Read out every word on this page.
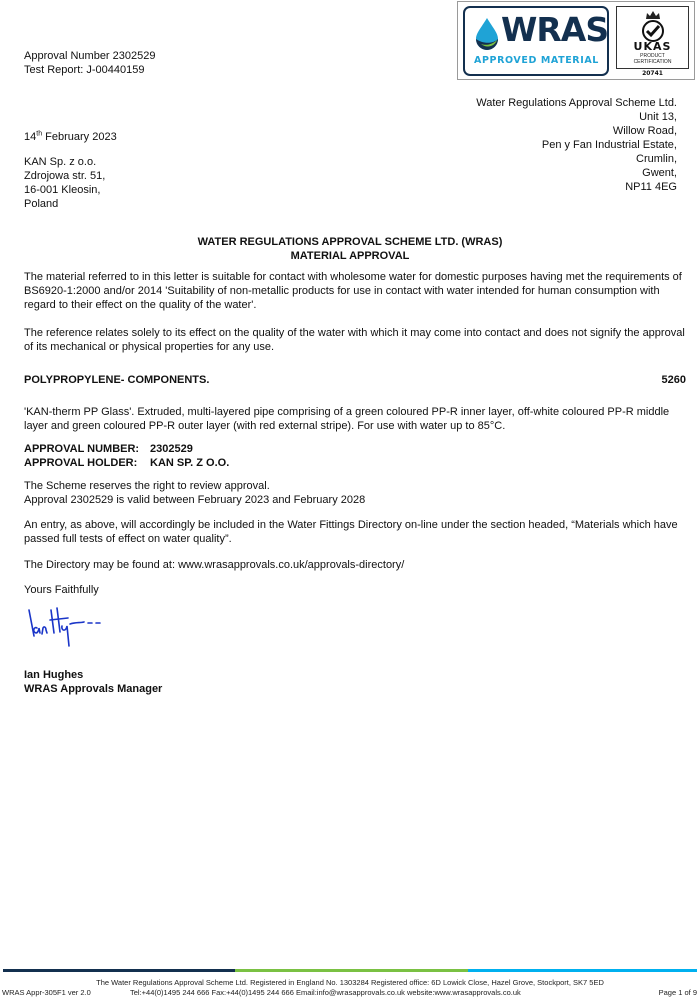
WRAS
APPROVED MATERIAL
UKAS
PRODUCT
CERTIFICATION
20741
Approval Number 2302529
Test Report: J-00440159
Water Regulations Approval Scheme Ltd.
Unit 13,
Willow Road,
Pen y Fan Industrial Estate,
Crumlin,
Gwent,
NP11 4EG
14th February 2023
KAN Sp. z o.o.
Zdrojowa str. 51,
16-001 Kleosin,
Poland
WATER REGULATIONS APPROVAL SCHEME LTD. (WRAS)
MATERIAL APPROVAL
The material referred to in this letter is suitable for contact with wholesome water for domestic purposes having met the requirements of BS6920-1:2000 and/or 2014 'Suitability of non-metallic products for use in contact with water intended for human consumption with regard to their effect on the quality of the water'.
The reference relates solely to its effect on the quality of the water with which it may come into contact and does not signify the approval of its mechanical or physical properties for any use.
POLYPROPYLENE- COMPONENTS.	5260
'KAN-therm PP Glass'. Extruded, multi-layered pipe comprising of a green coloured PP-R inner layer, off-white coloured PP-R middle layer and green coloured PP-R outer layer (with red external stripe). For use with water up to 85°C.
APPROVAL NUMBER: 2302529
APPROVAL HOLDER: KAN SP. Z O.O.
The Scheme reserves the right to review approval.
Approval 2302529 is valid between February 2023 and February 2028
An entry, as above, will accordingly be included in the Water Fittings Directory on-line under the section headed, “Materials which have passed full tests of effect on water quality”.
The Directory may be found at: www.wrasapprovals.co.uk/approvals-directory/
Yours Faithfully
Ian Hughes
WRAS Approvals Manager
The Water Regulations Approval Scheme Ltd. Registered in England No. 1303284 Registered office: 6D Lowick Close, Hazel Grove, Stockport, SK7 5ED
WRAS Appr-305F1 ver 2.0	Tel:+44(0)1495 244 666 Fax:+44(0)1495 244 666 Email:info@wrasapprovals.co.uk website:www.wrasapprovals.co.uk	Page 1 of 9
